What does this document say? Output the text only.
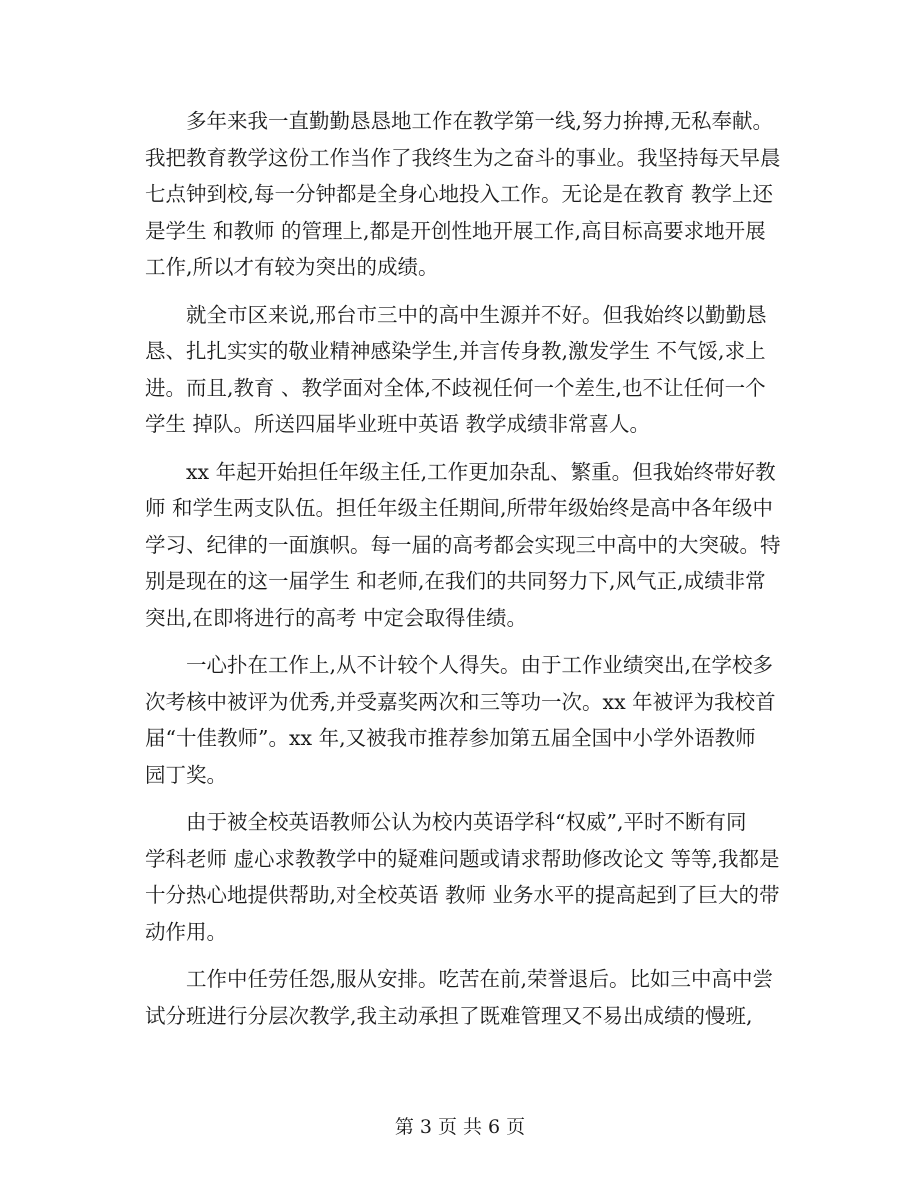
多年来我一直勤勤恳恳地工作在教学第一线,努力拚搏,无私奉献。
我把教育教学这份工作当作了我终生为之奋斗的事业。我坚持每天早晨
七点钟到校,每一分钟都是全身心地投入工作。无论是在教育 教学上还
是学生 和教师 的管理上,都是开创性地开展工作,高目标高要求地开展
工作,所以才有较为突出的成绩。

就全市区来说,邢台市三中的高中生源并不好。但我始终以勤勤恳
恳、扎扎实实的敬业精神感染学生,并言传身教,激发学生 不气馁,求上
进。而且,教育 、教学面对全体,不歧视任何一个差生,也不让任何一个
学生 掉队。所送四届毕业班中英语 教学成绩非常喜人。

xx 年起开始担任年级主任,工作更加杂乱、繁重。但我始终带好教
师 和学生两支队伍。担任年级主任期间,所带年级始终是高中各年级中
学习、纪律的一面旗帜。每一届的高考都会实现三中高中的大突破。特
别是现在的这一届学生 和老师,在我们的共同努力下,风气正,成绩非常
突出,在即将进行的高考 中定会取得佳绩。

一心扑在工作上,从不计较个人得失。由于工作业绩突出,在学校多
次考核中被评为优秀,并受嘉奖两次和三等功一次。xx 年被评为我校首
届“十佳教师”。xx 年,又被我市推荐参加第五届全国中小学外语教师
园丁奖。

由于被全校英语教师公认为校内英语学科“权威”,平时不断有同
学科老师 虚心求教教学中的疑难问题或请求帮助修改论文 等等,我都是
十分热心地提供帮助,对全校英语 教师 业务水平的提高起到了巨大的带
动作用。

工作中任劳任怨,服从安排。吃苦在前,荣誉退后。比如三中高中尝
试分班进行分层次教学,我主动承担了既难管理又不易出成绩的慢班,

第 3 页 共 6 页
